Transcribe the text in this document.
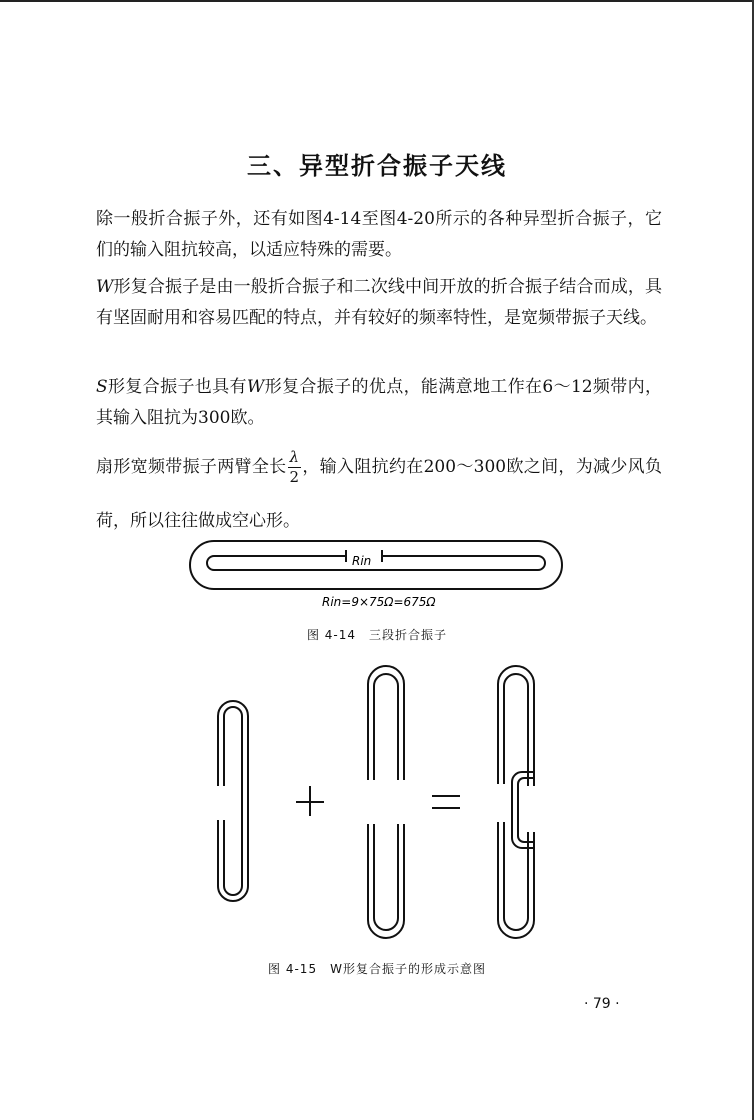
三、异型折合振子天线

除一般折合振子外，还有如图4-14至图4-20所示的各种异型折合振子，它们的输入阻抗较高，以适应特殊的需要。

W形复合振子是由一般折合振子和二次线中间开放的折合振子结合而成，具有坚固耐用和容易匹配的特点，并有较好的频率特性，是宽频带振子天线。

S形复合振子也具有W形复合振子的优点，能满意地工作在6～12频带内，其输入阻抗为300欧。

扇形宽频带振子两臂全长 $\frac{\lambda}{2}$ ，输入阻抗约在200～300欧之间，为减少风负荷，所以往往做成空心形。

Rin
Rin=9×75Ω=675Ω
图 4-14　三段折合振子
图 4-15　W形复合振子的形成示意图
· 79 ·
